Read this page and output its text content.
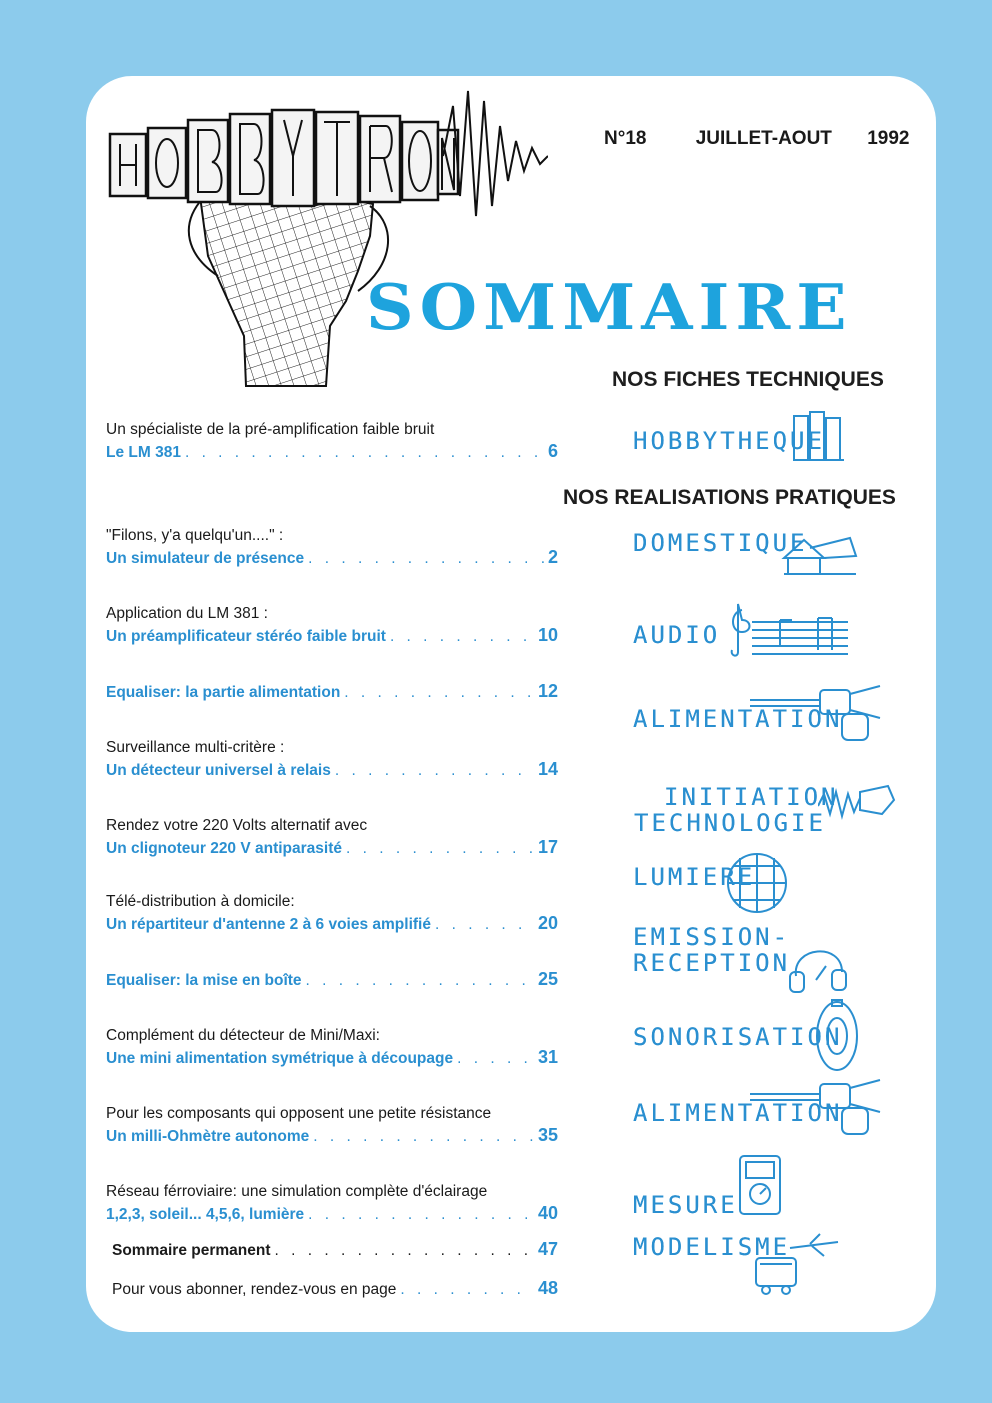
N°18	JUILLET-AOUT 1992
SOMMAIRE
NOS FICHES TECHNIQUES
NOS REALISATIONS PRATIQUES
Un spécialiste de la pré-amplification faible bruit
Le LM 381 . . .	6
"Filons, y'a quelqu'un...." :
Un simulateur de présence . . .	2
Application du LM 381 :
Un préamplificateur stéréo faible bruit . . .	10
Equaliser: la partie alimentation . . .	12
Surveillance multi-critère :
Un détecteur universel à relais . . .	14
Rendez votre 220 Volts alternatif avec
Un clignoteur 220 V antiparasité . . .	17
Télé-distribution à domicile:
Un répartiteur d'antenne 2 à 6 voies amplifié . . .	20
Equaliser: la mise en boîte . . .	25
Complément du détecteur de Mini/Maxi:
Une mini alimentation symétrique à découpage . . .	31
Pour les composants qui opposent une petite résistance
Un milli-Ohmètre autonome . . .	35
Réseau férroviaire: une simulation complète d'éclairage
1,2,3, soleil... 4,5,6, lumière . . .	40
Sommaire permanent . . .	47
Pour vous abonner, rendez-vous en page . . .	48
HOBBYTHEQUE
DOMESTIQUE
AUDIO
ALIMENTATION
INITIATION
TECHNOLOGIE
LUMIERE
EMISSION-
RECEPTION
SONORISATION
ALIMENTATION
MESURE
MODELISME
